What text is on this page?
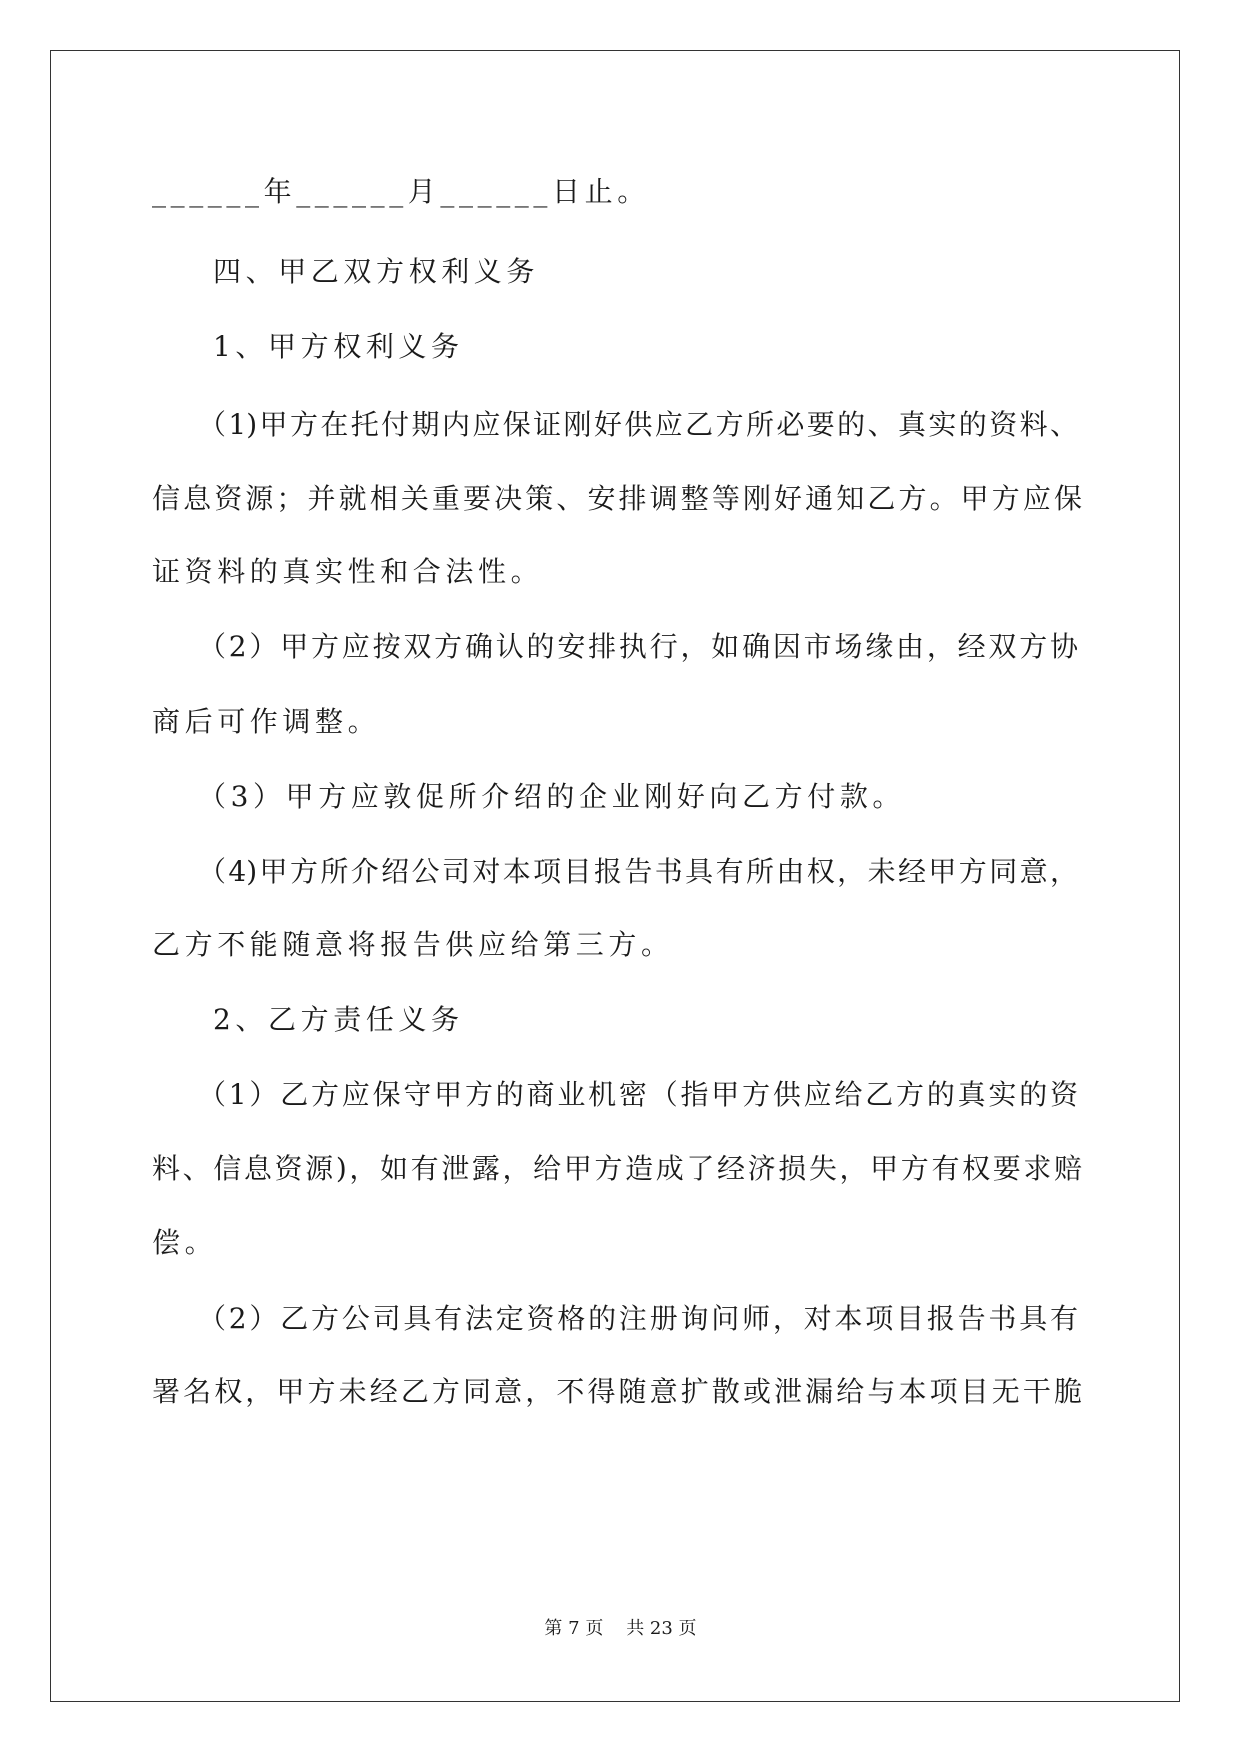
______年______月______日止。
四、甲乙双方权利义务
1、甲方权利义务
（1)甲方在托付期内应保证刚好供应乙方所必要的、真实的资料、
信息资源；并就相关重要决策、安排调整等刚好通知乙方。甲方应保
证资料的真实性和合法性。
（2）甲方应按双方确认的安排执行，如确因市场缘由，经双方协
商后可作调整。
（3）甲方应敦促所介绍的企业刚好向乙方付款。
（4)甲方所介绍公司对本项目报告书具有所由权，未经甲方同意，
乙方不能随意将报告供应给第三方。
2、乙方责任义务
（1）乙方应保守甲方的商业机密（指甲方供应给乙方的真实的资
料、信息资源)，如有泄露，给甲方造成了经济损失，甲方有权要求赔
偿。
（2）乙方公司具有法定资格的注册询问师，对本项目报告书具有
署名权，甲方未经乙方同意，不得随意扩散或泄漏给与本项目无干脆
第 7 页    共 23 页
